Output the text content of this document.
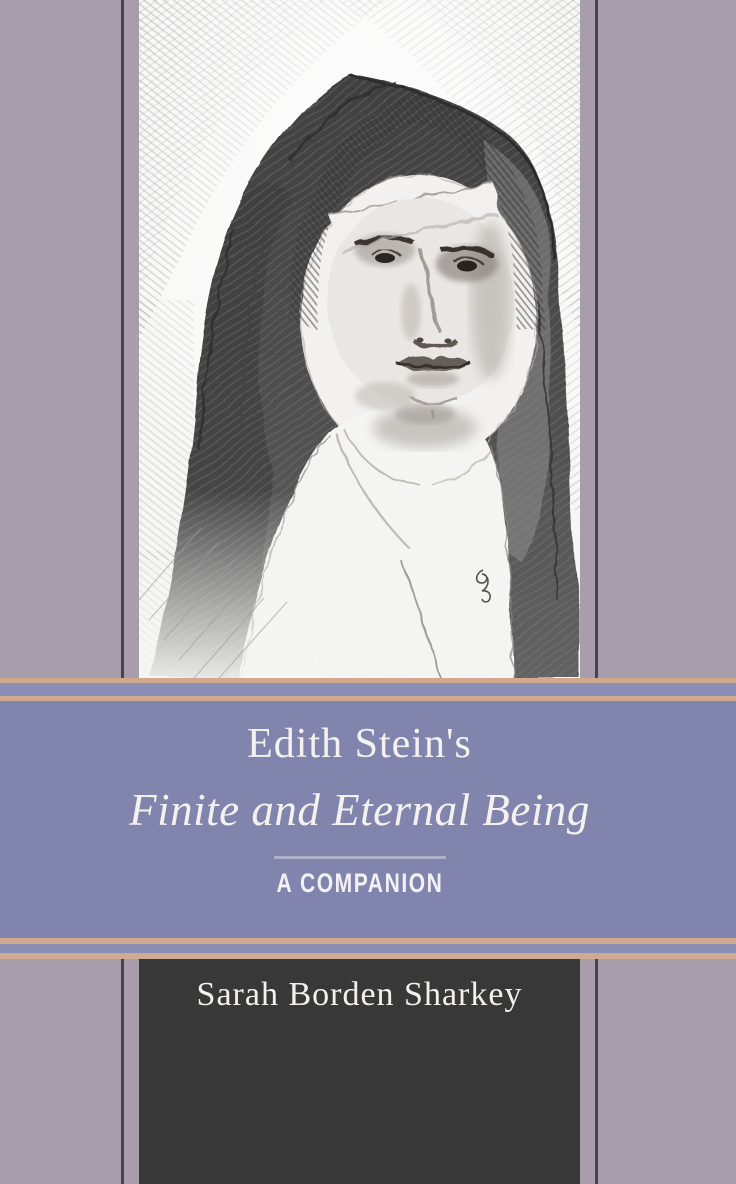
Edith Stein's
Finite and Eternal Being
A COMPANION
Sarah Borden Sharkey
